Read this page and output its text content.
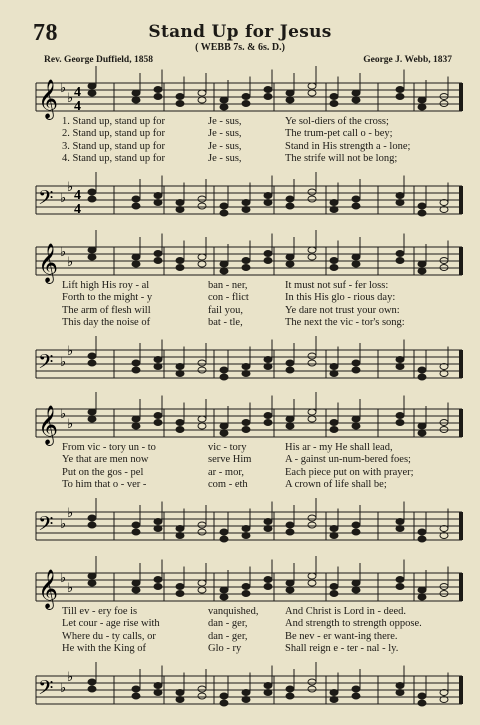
78	Stand Up for Jesus
( WEBB 7s. & 6s. D.)
Rev. George Duffield, 1858	George J. Webb, 1837
𝄞 ♭
♭ 4
4
1. Stand up, stand up for	Je - sus,	Ye sol-diers of the cross;
2. Stand up, stand up for	Je - sus,	The trum-pet call o - bey;
3. Stand up, stand up for	Je - sus,	Stand in His strength a - lone;
4. Stand up, stand up for	Je - sus,	The strife will not be long;
𝄢 ♭
♭
4
4
𝄞 ♭
♭
Lift high His roy - al	ban - ner,	It must not suf - fer loss:
Forth to the might - y	con - flict	In this His glo - rious day:
The arm of flesh will	fail you,	Ye dare not trust your own:
This day the noise of	bat - tle,	The next the vic - tor's song:
𝄢 ♭
♭
𝄞 ♭
♭
From vic - tory un - to	vic - tory	His ar - my He shall lead,
Ye that are men now	serve Him	A - gainst un-num-bered foes;
Put on the gos - pel	ar - mor,	Each piece put on with prayer;
To him that o - ver -	com - eth	A crown of life shall be;
𝄢 ♭
♭
𝄞 ♭
♭
Till ev - ery foe is	vanquished,	And Christ is Lord in - deed.
Let cour - age rise with	dan - ger,	And strength to strength oppose.
Where du - ty calls, or	dan - ger,	Be nev - er want-ing there.
He with the King of	Glo - ry	Shall reign e - ter - nal - ly.
𝄢 ♭
♭
